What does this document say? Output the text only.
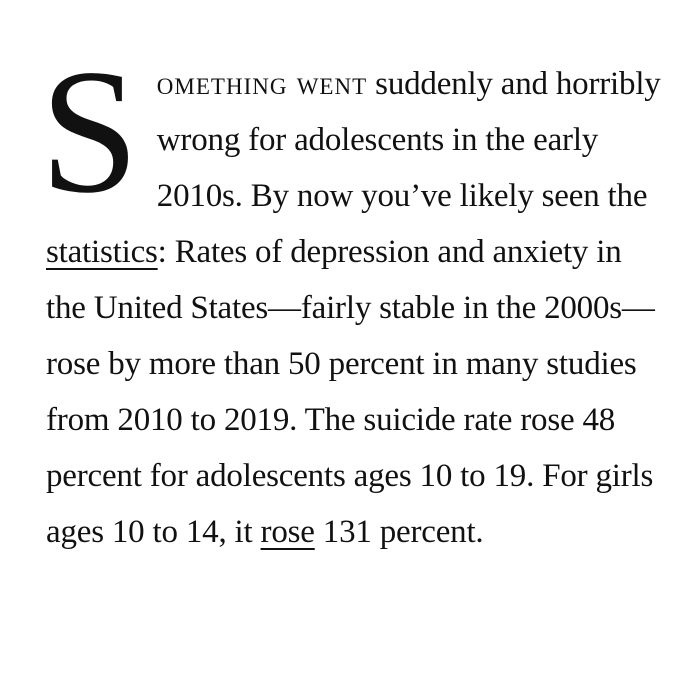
Something went suddenly and horribly wrong for adolescents in the early 2010s. By now you’ve likely seen the statistics: Rates of depression and anxiety in the United States—fairly stable in the 2000s—rose by more than 50 percent in many studies from 2010 to 2019. The suicide rate rose 48 percent for adolescents ages 10 to 19. For girls ages 10 to 14, it rose 131 percent.
